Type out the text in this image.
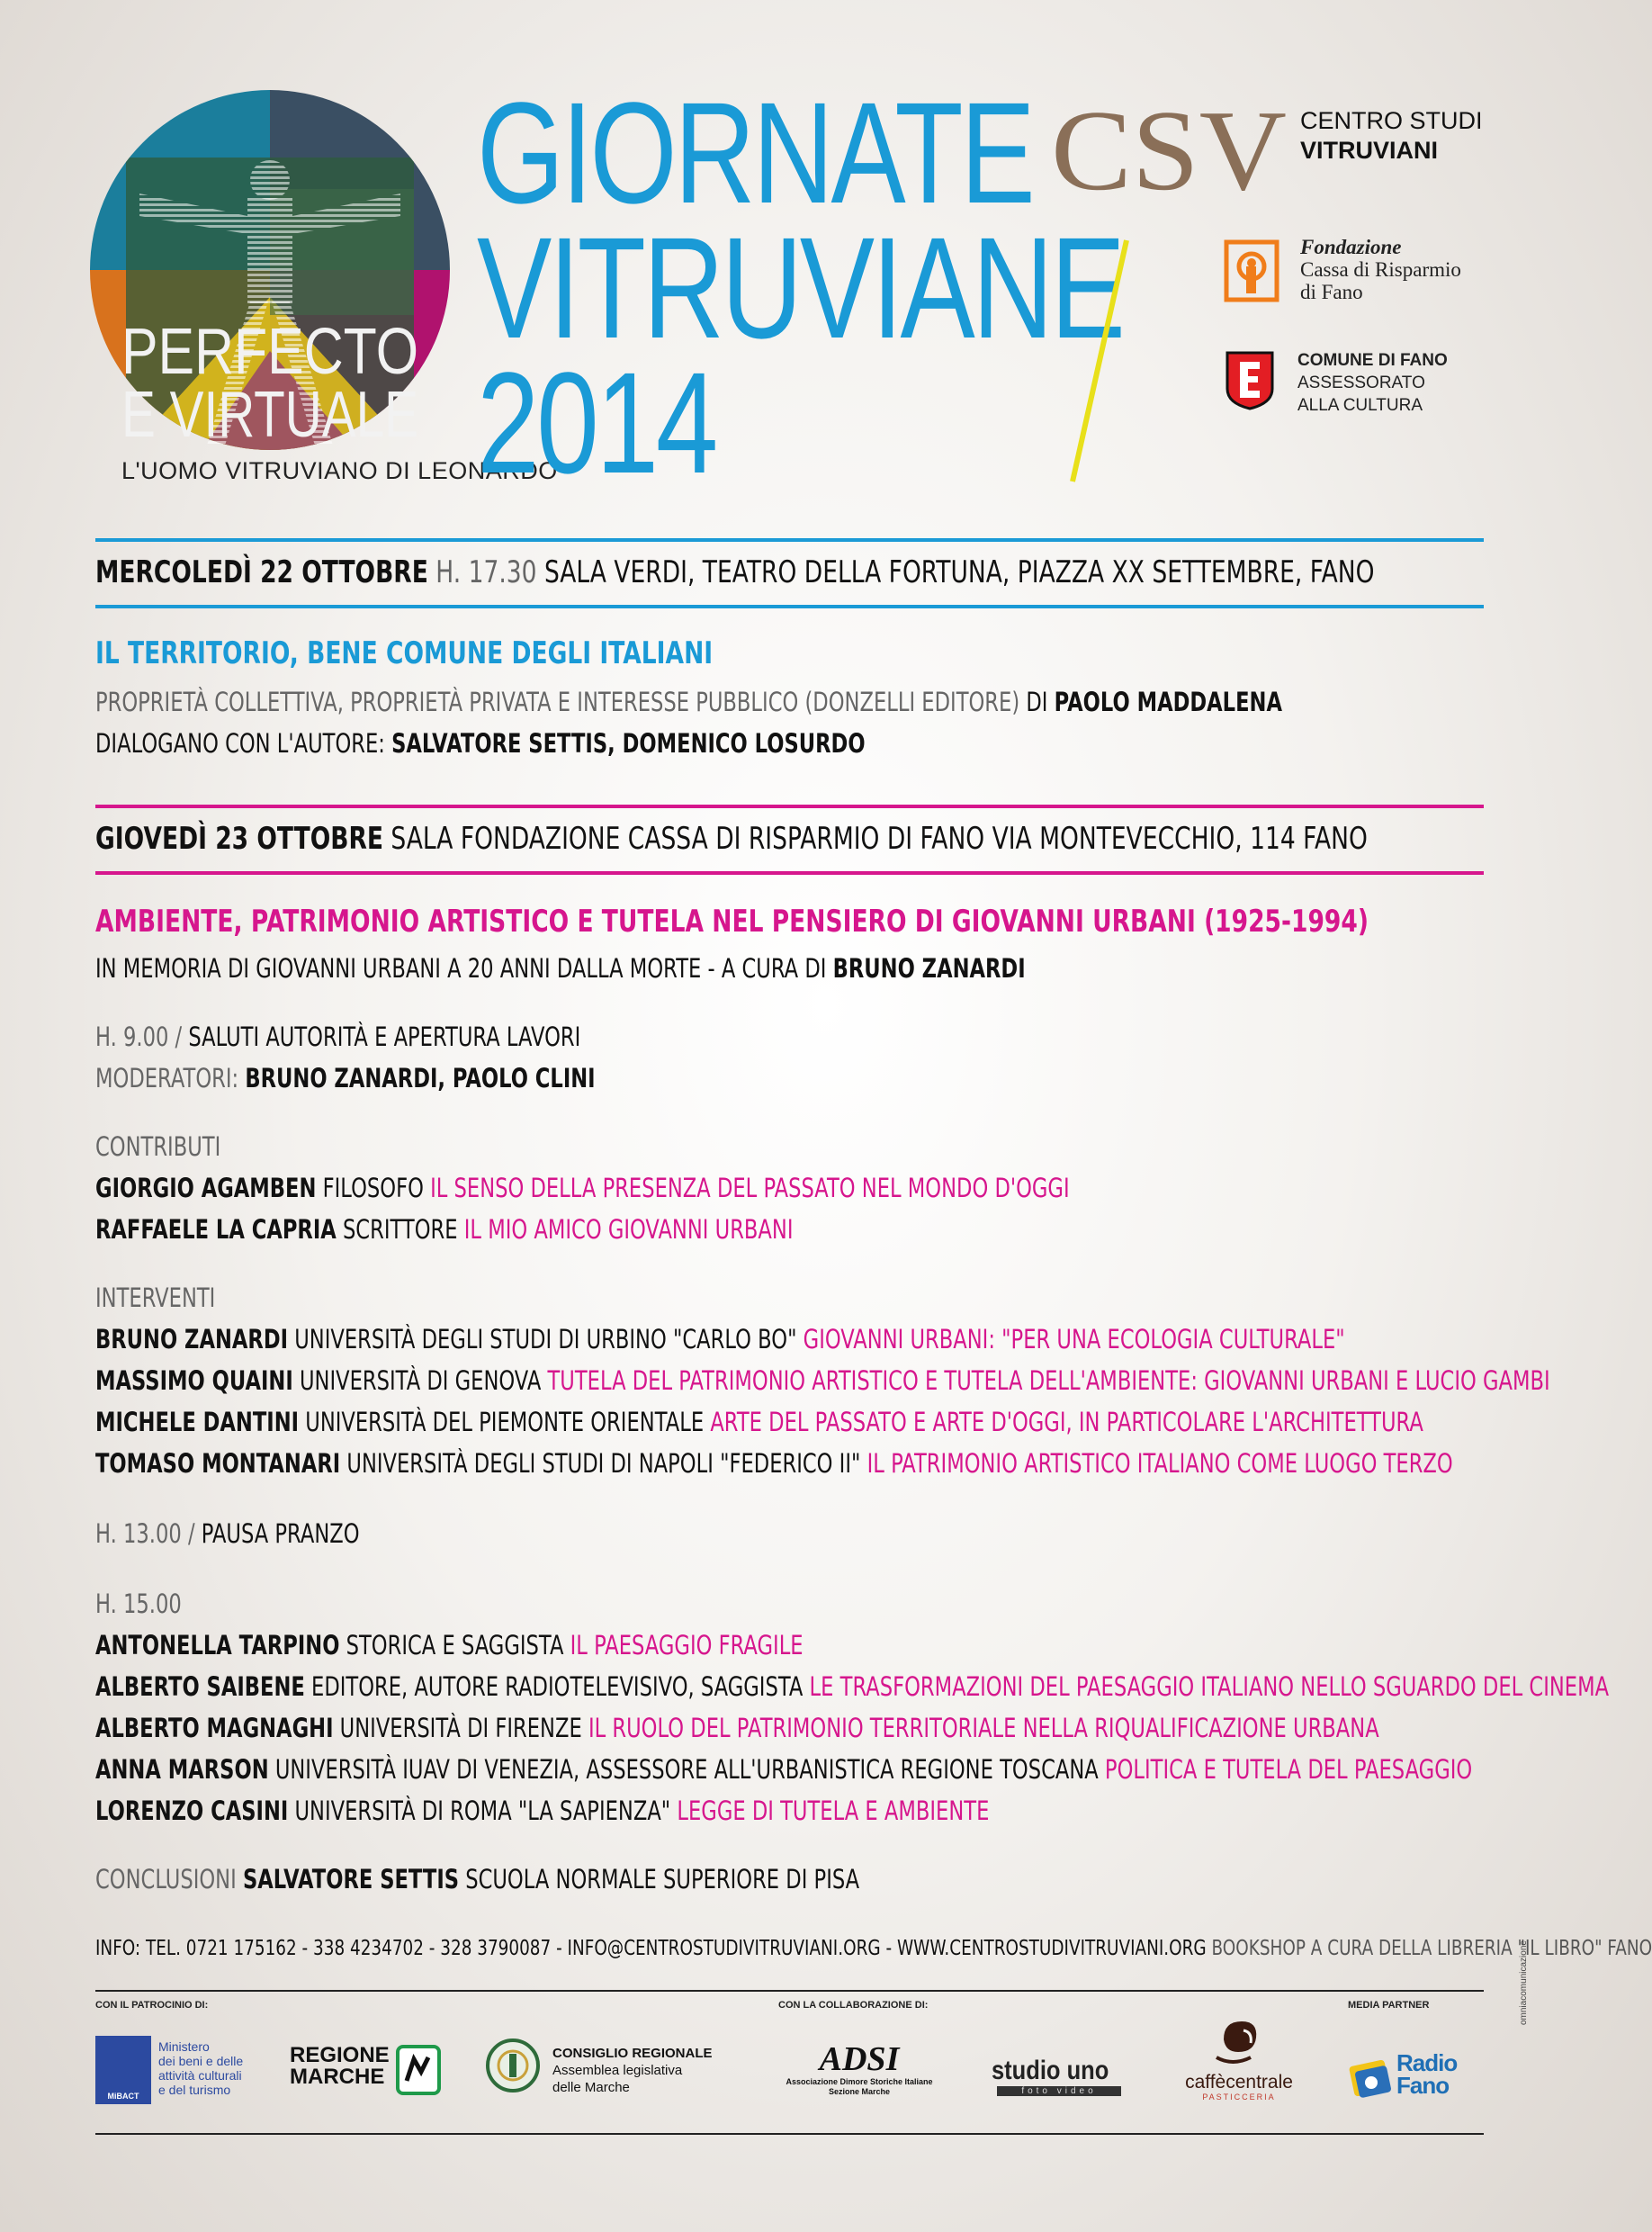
PERFECTO
E VIRTUALE
L'UOMO VITRUVIANO DI LEONARDO
GIORNATE
VITRUVIANE
2014
CSV CENTRO STUDI
VITRUVIANI
Fondazione
Cassa di Risparmio
di Fano
COMUNE DI FANO
ASSESSORATO
ALLA CULTURA
MERCOLEDÌ 22 OTTOBRE H. 17.30 SALA VERDI, TEATRO DELLA FORTUNA, PIAZZA XX SETTEMBRE, FANO
IL TERRITORIO, BENE COMUNE DEGLI ITALIANI
PROPRIETÀ COLLETTIVA, PROPRIETÀ PRIVATA E INTERESSE PUBBLICO (DONZELLI EDITORE) DI PAOLO MADDALENA
DIALOGANO CON L'AUTORE: SALVATORE SETTIS, DOMENICO LOSURDO
GIOVEDÌ 23 OTTOBRE SALA FONDAZIONE CASSA DI RISPARMIO DI FANO VIA MONTEVECCHIO, 114 FANO
AMBIENTE, PATRIMONIO ARTISTICO E TUTELA NEL PENSIERO DI GIOVANNI URBANI (1925-1994)
IN MEMORIA DI GIOVANNI URBANI A 20 ANNI DALLA MORTE - A CURA DI BRUNO ZANARDI
H. 9.00 / SALUTI AUTORITÀ E APERTURA LAVORI
MODERATORI: BRUNO ZANARDI, PAOLO CLINI
CONTRIBUTI
GIORGIO AGAMBEN FILOSOFO IL SENSO DELLA PRESENZA DEL PASSATO NEL MONDO D'OGGI
RAFFAELE LA CAPRIA SCRITTORE IL MIO AMICO GIOVANNI URBANI
INTERVENTI
BRUNO ZANARDI UNIVERSITÀ DEGLI STUDI DI URBINO "CARLO BO" GIOVANNI URBANI: "PER UNA ECOLOGIA CULTURALE"
MASSIMO QUAINI UNIVERSITÀ DI GENOVA TUTELA DEL PATRIMONIO ARTISTICO E TUTELA DELL'AMBIENTE: GIOVANNI URBANI E LUCIO GAMBI
MICHELE DANTINI UNIVERSITÀ DEL PIEMONTE ORIENTALE ARTE DEL PASSATO E ARTE D'OGGI, IN PARTICOLARE L'ARCHITETTURA
TOMASO MONTANARI UNIVERSITÀ DEGLI STUDI DI NAPOLI "FEDERICO II" IL PATRIMONIO ARTISTICO ITALIANO COME LUOGO TERZO
H. 13.00 / PAUSA PRANZO
H. 15.00
ANTONELLA TARPINO STORICA E SAGGISTA IL PAESAGGIO FRAGILE
ALBERTO SAIBENE EDITORE, AUTORE RADIOTELEVISIVO, SAGGISTA LE TRASFORMAZIONI DEL PAESAGGIO ITALIANO NELLO SGUARDO DEL CINEMA
ALBERTO MAGNAGHI UNIVERSITÀ DI FIRENZE IL RUOLO DEL PATRIMONIO TERRITORIALE NELLA RIQUALIFICAZIONE URBANA
ANNA MARSON UNIVERSITÀ IUAV DI VENEZIA, ASSESSORE ALL'URBANISTICA REGIONE TOSCANA POLITICA E TUTELA DEL PAESAGGIO
LORENZO CASINI UNIVERSITÀ DI ROMA "LA SAPIENZA" LEGGE DI TUTELA E AMBIENTE
CONCLUSIONI SALVATORE SETTIS SCUOLA NORMALE SUPERIORE DI PISA
INFO: TEL. 0721 175162 - 338 4234702 - 328 3790087 - INFO@CENTROSTUDIVITRUVIANI.ORG - WWW.CENTROSTUDIVITRUVIANI.ORG BOOKSHOP A CURA DELLA LIBRERIA "IL LIBRO" FANO
CON IL PATROCINIO DI:	CON LA COLLABORAZIONE DI:	MEDIA PARTNER
MiBACT
Ministero
dei beni e delle
attività culturali
e del turismo
REGIONE
MARCHE
CONSIGLIO REGIONALE
Assemblea legislativa
delle Marche
ADSI
Associazione Dimore Storiche Italiane
Sezione Marche
studio uno
foto video	caffècentrale
PASTICCERIA
Radio
Fano
omniacomunicazione
